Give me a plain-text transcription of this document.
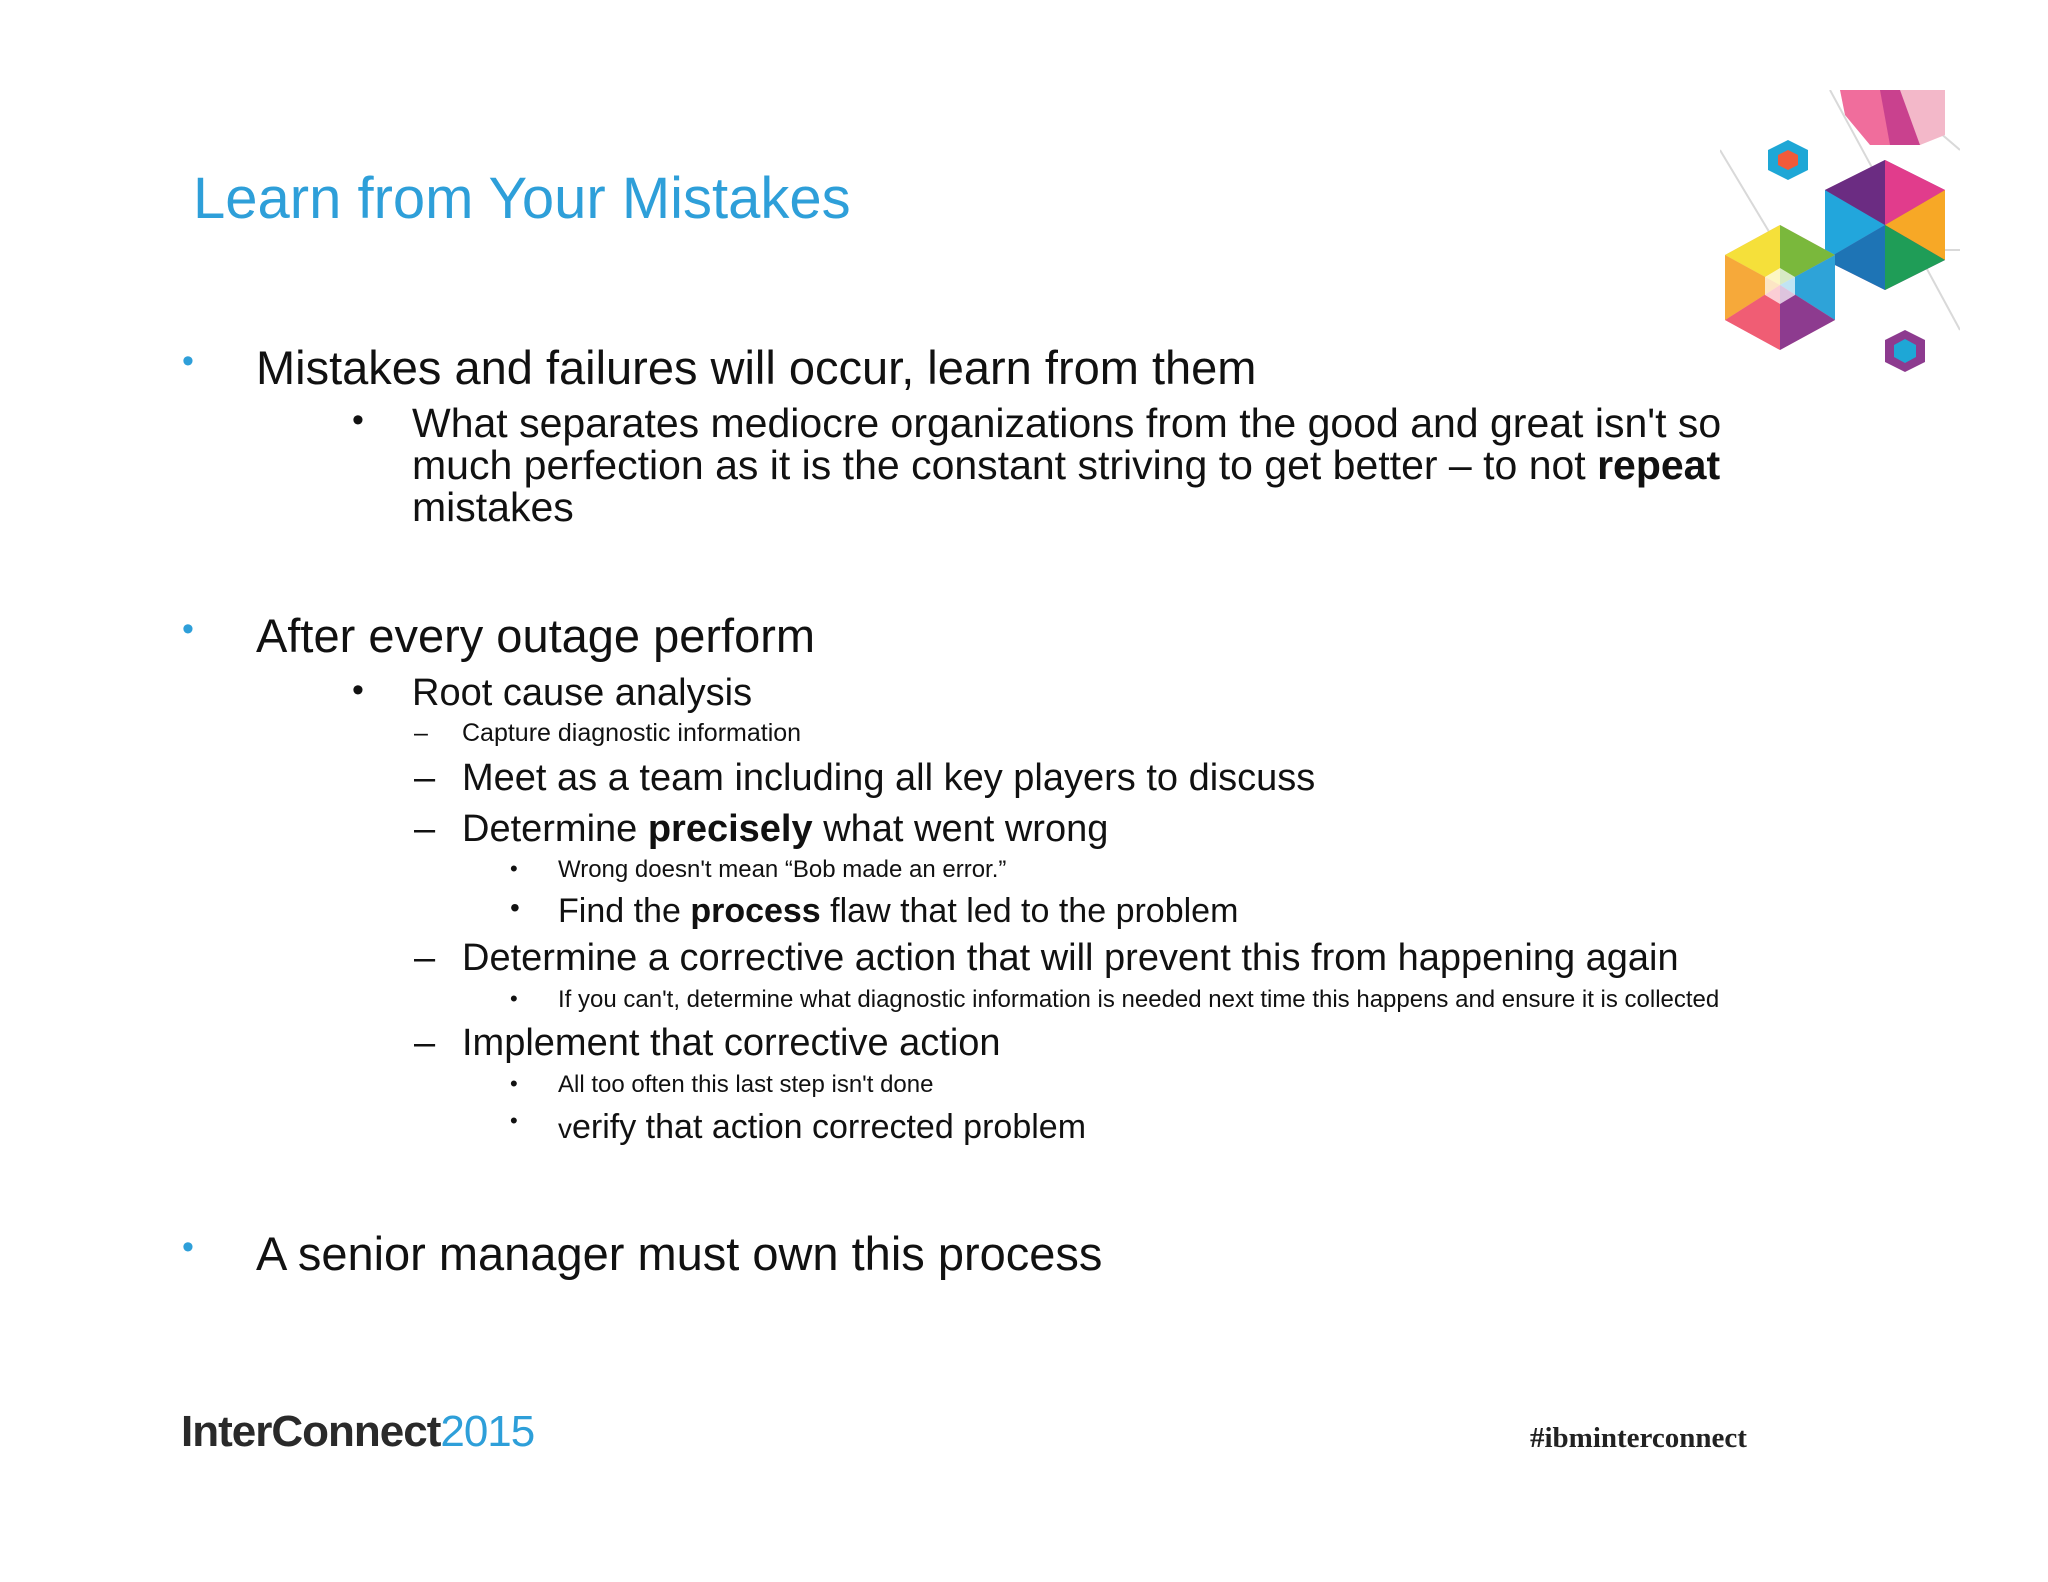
Learn from Your Mistakes
• Mistakes and failures will occur, learn from them
• What separates mediocre organizations from the good and great isn't so
much perfection as it is the constant striving to get better – to not repeat
mistakes
• After every outage perform
• Root cause analysis
– Capture diagnostic information
– Meet as a team including all key players to discuss
– Determine precisely what went wrong
• Wrong doesn't mean “Bob made an error.”
• Find the process flaw that led to the problem
– Determine a corrective action that will prevent this from happening again
• If you can't, determine what diagnostic information is needed next time this happens and ensure it is collected
– Implement that corrective action
• All too often this last step isn't done
• verify that action corrected problem
• A senior manager must own this process
InterConnect2015	#ibminterconnect
